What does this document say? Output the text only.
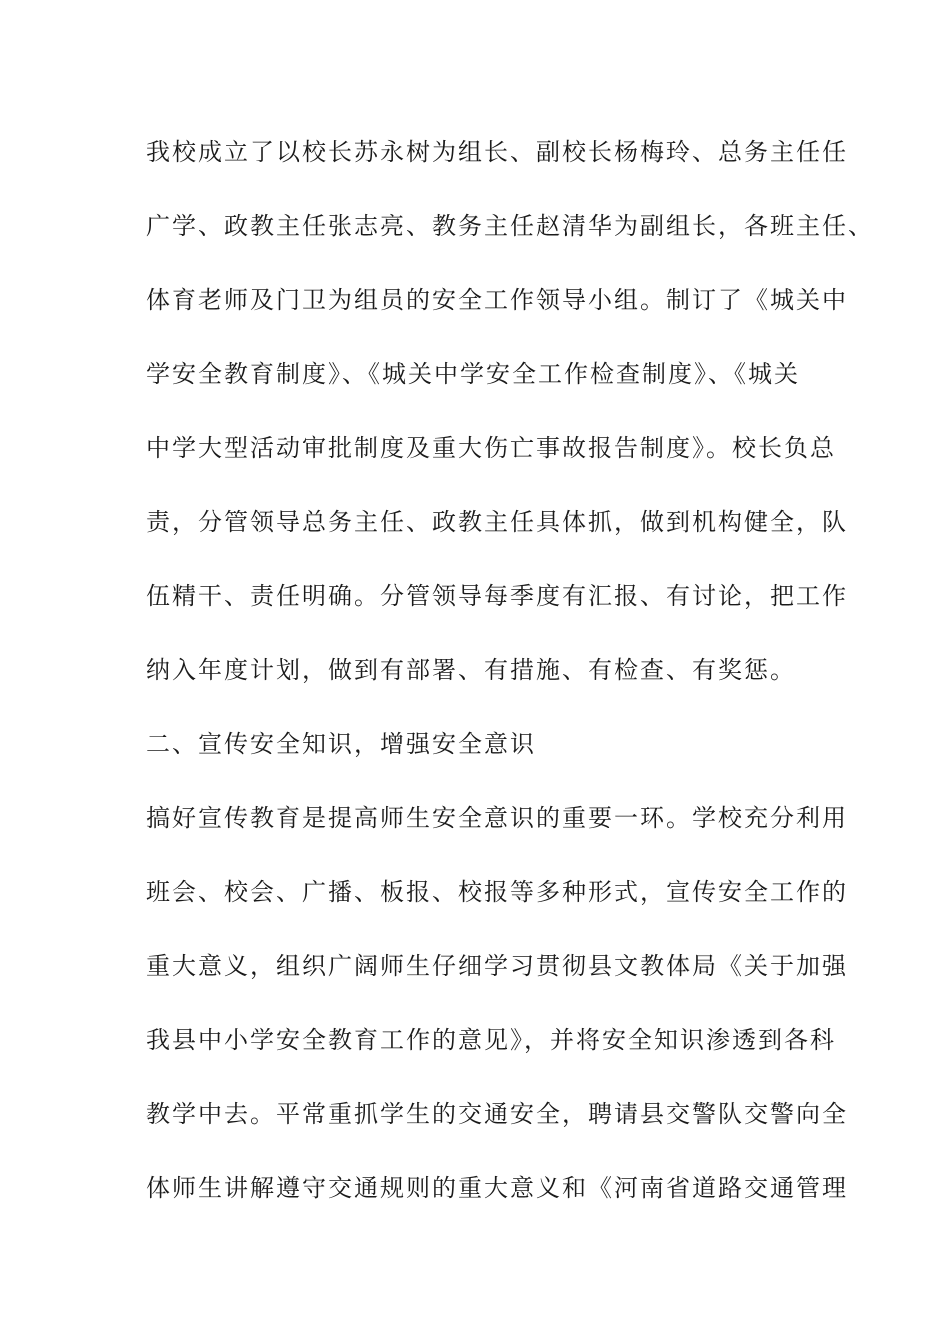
我校成立了以校长苏永树为组长、副校长杨梅玲、总务主任任
广学、政教主任张志亮、教务主任赵清华为副组长，各班主任、
体育老师及门卫为组员的安全工作领导小组。制订了《城关中
学安全教育制度》、《城关中学安全工作检查制度》、《城关
中学大型活动审批制度及重大伤亡事故报告制度》。校长负总
责，分管领导总务主任、政教主任具体抓，做到机构健全，队
伍精干、责任明确。分管领导每季度有汇报、有讨论，把工作
纳入年度计划，做到有部署、有措施、有检查、有奖惩。
二、宣传安全知识，增强安全意识
搞好宣传教育是提高师生安全意识的重要一环。学校充分利用
班会、校会、广播、板报、校报等多种形式，宣传安全工作的
重大意义，组织广阔师生仔细学习贯彻县文教体局《关于加强
我县中小学安全教育工作的意见》，并将安全知识渗透到各科
教学中去。平常重抓学生的交通安全，聘请县交警队交警向全
体师生讲解遵守交通规则的重大意义和《河南省道路交通管理
